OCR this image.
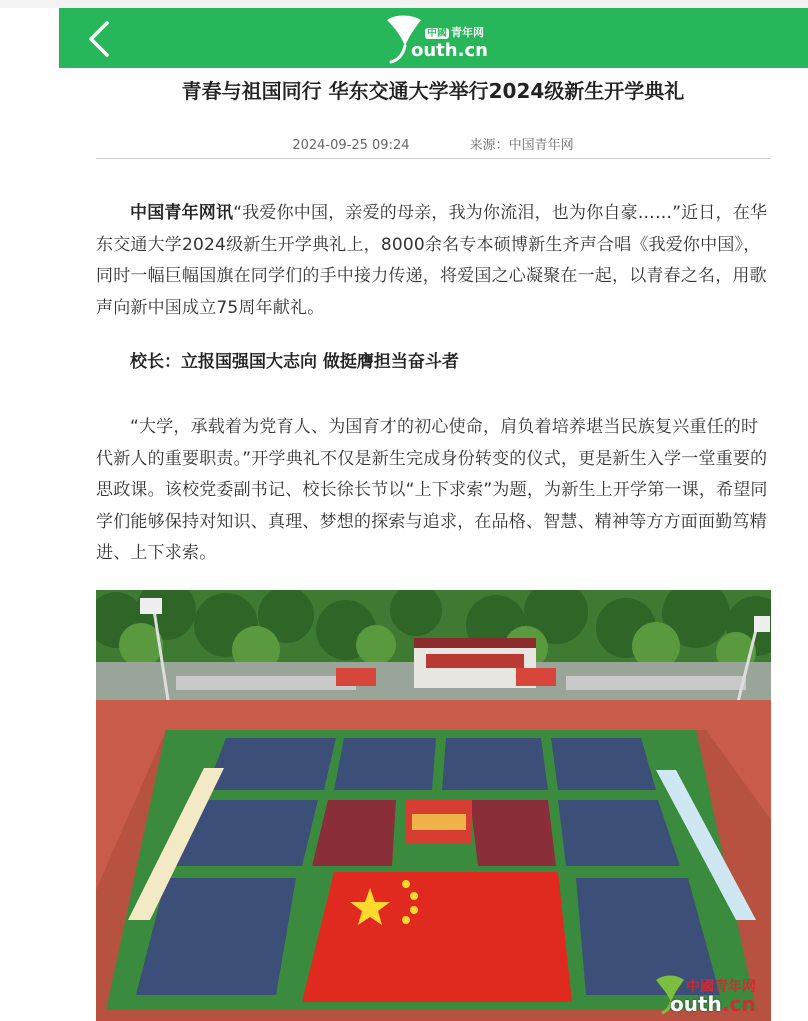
中國 青年网
outh.cn
青春与祖国同行 华东交通大学举行2024级新生开学典礼
2024-09-25 09:24	来源：中国青年网

中国青年网讯“我爱你中国，亲爱的母亲，我为你流泪，也为你自豪……”近日，在华东交通大学2024级新生开学典礼上，8000余名专本硕博新生齐声合唱《我爱你中国》，同时一幅巨幅国旗在同学们的手中接力传递，将爱国之心凝聚在一起，以青春之名，用歌声向新中国成立75周年献礼。

校长：立报国强国大志向 做挺膺担当奋斗者

“大学，承载着为党育人、为国育才的初心使命，肩负着培养堪当民族复兴重任的时代新人的重要职责。”开学典礼不仅是新生完成身份转变的仪式，更是新生入学一堂重要的思政课。该校党委副书记、校长徐长节以“上下求索”为题，为新生上开学第一课，希望同学们能够保持对知识、真理、梦想的探索与追求，在品格、智慧、精神等方方面面勤笃精进、上下求索。

中國青年网
outh.cn
